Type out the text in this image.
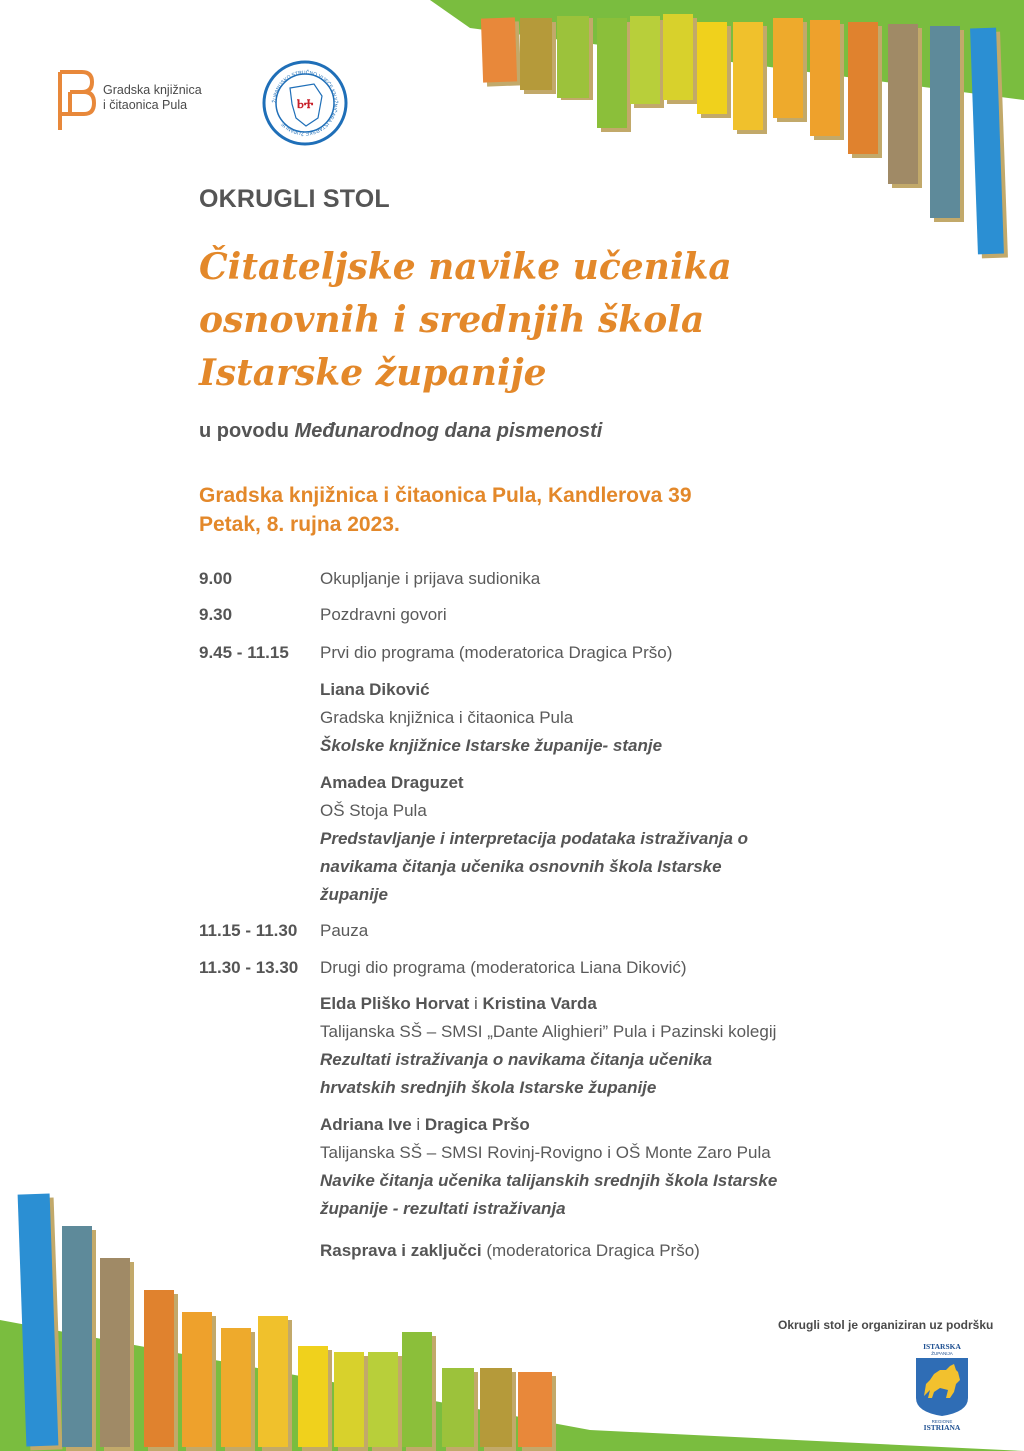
Gradska knjižnica
i čitaonica Pula	ŽUPANIJSKO STRUČNO VIJEĆE KNJIŽNIČARA ISTARSKE ŽUPANIJE
ⰓⰀ
OKRUGLI STOL
Čitateljske navike učenika
osnovnih i srednjih škola
Istarske županije
u povodu Međunarodnog dana pismenosti
Gradska knjižnica i čitaonica Pula, Kandlerova 39
Petak, 8. rujna 2023.
9.00	Okupljanje i prijava sudionika
9.30	Pozdravni govori
9.45 - 11.15 Prvi dio programa (moderatorica Dragica Pršo)
Liana Diković
Gradska knjižnica i čitaonica Pula
Školske knjižnice Istarske županije- stanje
Amadea Draguzet
OŠ Stoja Pula
Predstavljanje i interpretacija podataka istraživanja o
navikama čitanja učenika osnovnih škola Istarske
županije
11.15 - 11.30 Pauza
11.30 - 13.30 Drugi dio programa (moderatorica Liana Diković)
Elda Pliško Horvat i Kristina Varda
Talijanska SŠ – SMSI „Dante Alighieri” Pula i Pazinski kolegij
Rezultati istraživanja o navikama čitanja učenika
hrvatskih srednjih škola Istarske županije
Adriana Ive i Dragica Pršo
Talijanska SŠ – SMSI Rovinj-Rovigno i OŠ Monte Zaro Pula
Navike čitanja učenika talijanskih srednjih škola Istarske
županije - rezultati istraživanja
Rasprava i zaključci (moderatorica Dragica Pršo)
Okrugli stol je organiziran uz podršku
ISTARSKA
ŽUPANIJA
REGIONE
ISTRIANA
